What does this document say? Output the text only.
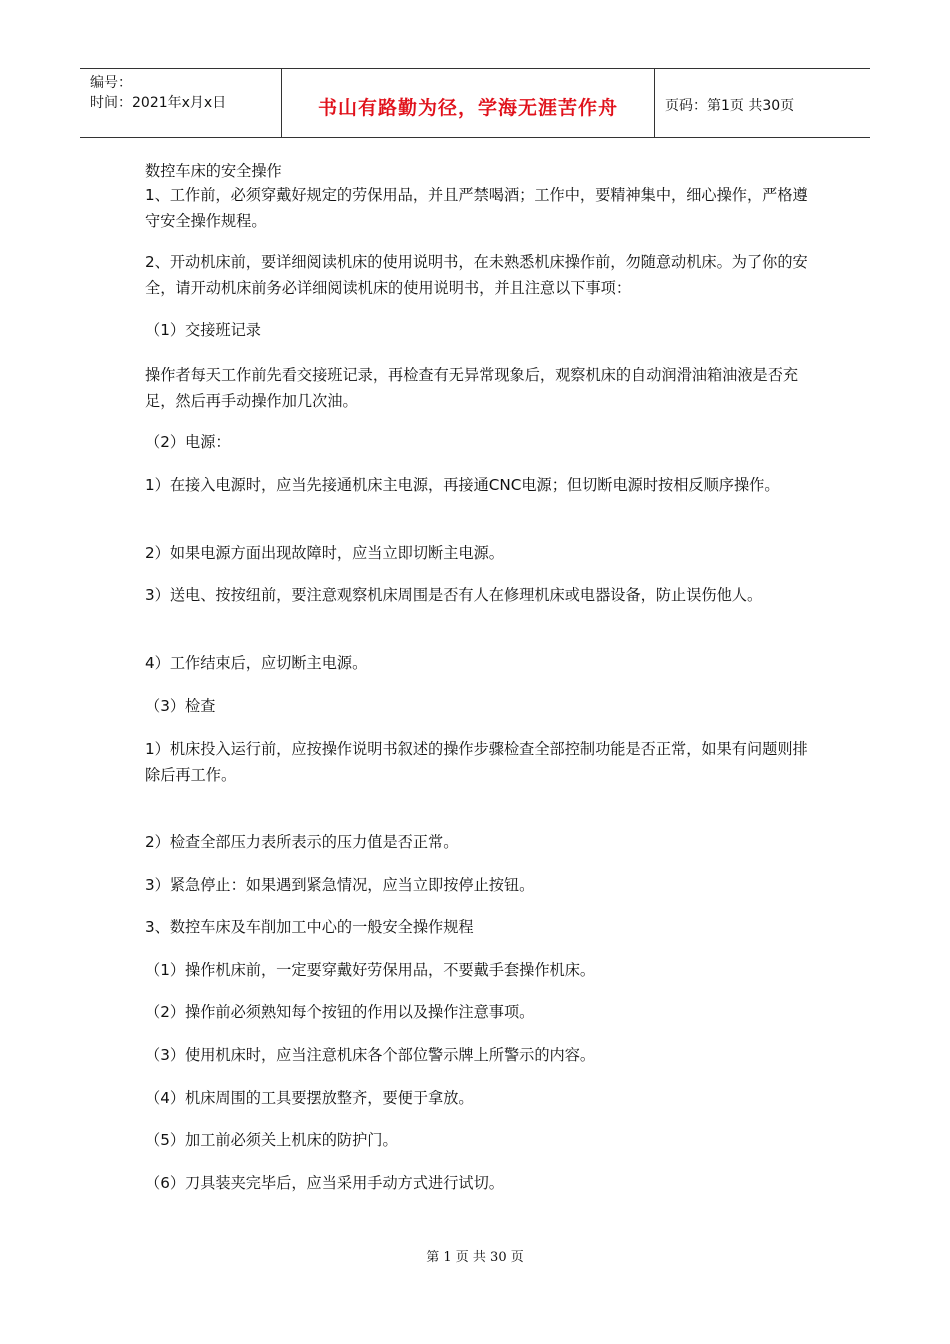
编号：
时间：2021年x月x日	书山有路勤为径，学海无涯苦作舟	页码：第1页 共30页
数控车床的安全操作
1、工作前，必须穿戴好规定的劳保用品，并且严禁喝酒；工作中，要精神集中，细心操作，严格遵守安全操作规程。
2、开动机床前，要详细阅读机床的使用说明书，在未熟悉机床操作前，勿随意动机床。为了你的安全，请开动机床前务必详细阅读机床的使用说明书，并且注意以下事项：
（1）交接班记录
操作者每天工作前先看交接班记录，再检查有无异常现象后，观察机床的自动润滑油箱油液是否充足，然后再手动操作加几次油。
（2）电源：
1）在接入电源时，应当先接通机床主电源，再接通CNC电源；但切断电源时按相反顺序操作。
2）如果电源方面出现故障时，应当立即切断主电源。
3）送电、按按纽前，要注意观察机床周围是否有人在修理机床或电器设备，防止误伤他人。
4）工作结束后，应切断主电源。
（3）检查
1）机床投入运行前，应按操作说明书叙述的操作步骤检查全部控制功能是否正常，如果有问题则排除后再工作。
2）检查全部压力表所表示的压力值是否正常。
3）紧急停止：如果遇到紧急情况，应当立即按停止按钮。
3、数控车床及车削加工中心的一般安全操作规程
（1）操作机床前，一定要穿戴好劳保用品，不要戴手套操作机床。
（2）操作前必须熟知每个按钮的作用以及操作注意事项。
（3）使用机床时，应当注意机床各个部位警示牌上所警示的内容。
（4）机床周围的工具要摆放整齐，要便于拿放。
（5）加工前必须关上机床的防护门。
（6）刀具装夹完毕后，应当采用手动方式进行试切。
第 1 页 共 30 页
